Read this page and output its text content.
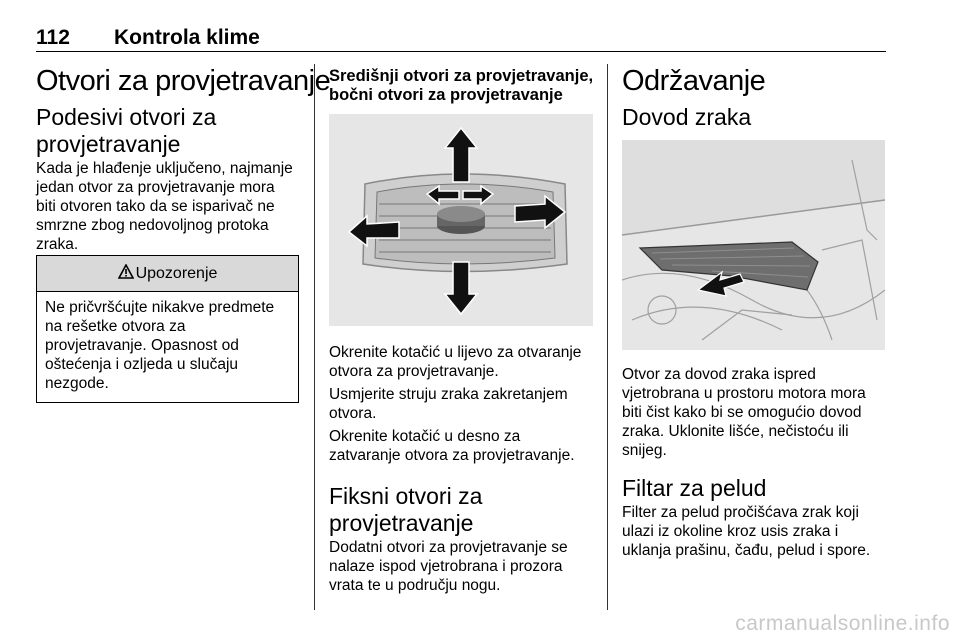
112 Kontrola klime
Otvori za provjetravanje
Podesivi otvori za
provjetravanje
Kada je hlađenje uključeno, najmanje
jedan otvor za provjetravanje mora
biti otvoren tako da se isparivač ne
smrzne zbog nedovoljnog protoka
zraka.
Upozorenje
Ne pričvršćujte nikakve predmete
na rešetke otvora za
provjetravanje. Opasnost od
oštećenja i ozljeda u slučaju
nezgode.
Središnji otvori za provjetravanje,
bočni otvori za provjetravanje
Okrenite kotačić u lijevo za otvaranje
otvora za provjetravanje.
Usmjerite struju zraka zakretanjem
otvora.
Okrenite kotačić u desno za
zatvaranje otvora za provjetravanje.
Fiksni otvori za
provjetravanje
Dodatni otvori za provjetravanje se
nalaze ispod vjetrobrana i prozora
vrata te u području nogu.
Održavanje
Dovod zraka
Otvor za dovod zraka ispred
vjetrobrana u prostoru motora mora
biti čist kako bi se omogućio dovod
zraka. Uklonite lišće, nečistoću ili
snijeg.
Filtar za pelud
Filter za pelud pročišćava zrak koji
ulazi iz okoline kroz usis zraka i
uklanja prašinu, čađu, pelud i spore.
carmanualsonline.info
